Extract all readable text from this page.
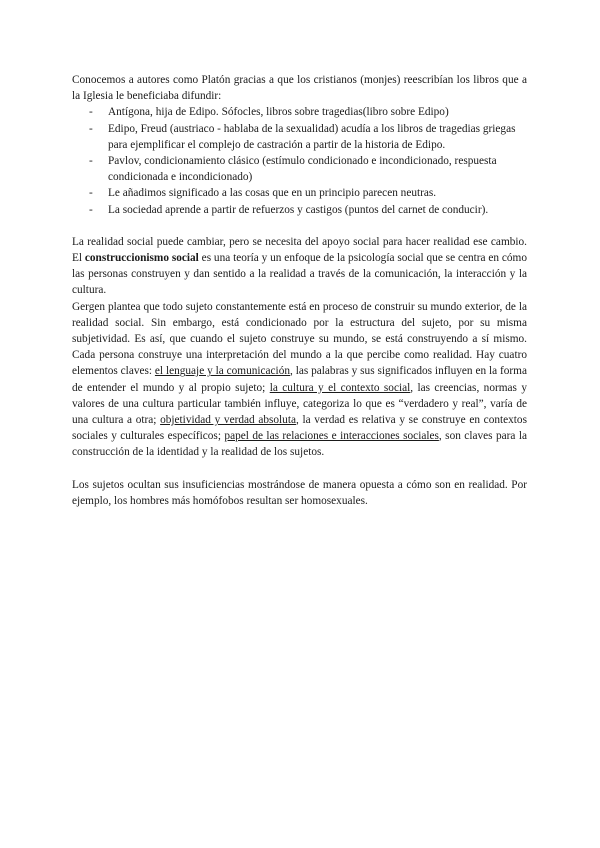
Conocemos a autores como Platón gracias a que los cristianos (monjes) reescribían los libros que a la Iglesia le beneficiaba difundir:

- Antígona, hija de Edipo. Sófocles, libros sobre tragedias(libro sobre Edipo)
- Edipo, Freud (austriaco - hablaba de la sexualidad) acudía a los libros de tragedias griegas para ejemplificar el complejo de castración a partir de la historia de Edipo.
- Pavlov, condicionamiento clásico (estímulo condicionado e incondicionado, respuesta condicionada e incondicionado)
- Le añadimos significado a las cosas que en un principio parecen neutras.
- La sociedad aprende a partir de refuerzos y castigos (puntos del carnet de conducir).

La realidad social puede cambiar, pero se necesita del apoyo social para hacer realidad ese cambio. El construccionismo social es una teoría y un enfoque de la psicología social que se centra en cómo las personas construyen y dan sentido a la realidad a través de la comunicación, la interacción y la cultura.

Gergen plantea que todo sujeto constantemente está en proceso de construir su mundo exterior, de la realidad social. Sin embargo, está condicionado por la estructura del sujeto, por su misma subjetividad. Es así, que cuando el sujeto construye su mundo, se está construyendo a sí mismo. Cada persona construye una interpretación del mundo a la que percibe como realidad. Hay cuatro elementos claves: el lenguaje y la comunicación, las palabras y sus significados influyen en la forma de entender el mundo y al propio sujeto; la cultura y el contexto social, las creencias, normas y valores de una cultura particular también influye, categoriza lo que es “verdadero y real”, varía de una cultura a otra; objetividad y verdad absoluta, la verdad es relativa y se construye en contextos sociales y culturales específicos; papel de las relaciones e interacciones sociales, son claves para la construcción de la identidad y la realidad de los sujetos.

Los sujetos ocultan sus insuficiencias mostrándose de manera opuesta a cómo son en realidad. Por ejemplo, los hombres más homófobos resultan ser homosexuales.
